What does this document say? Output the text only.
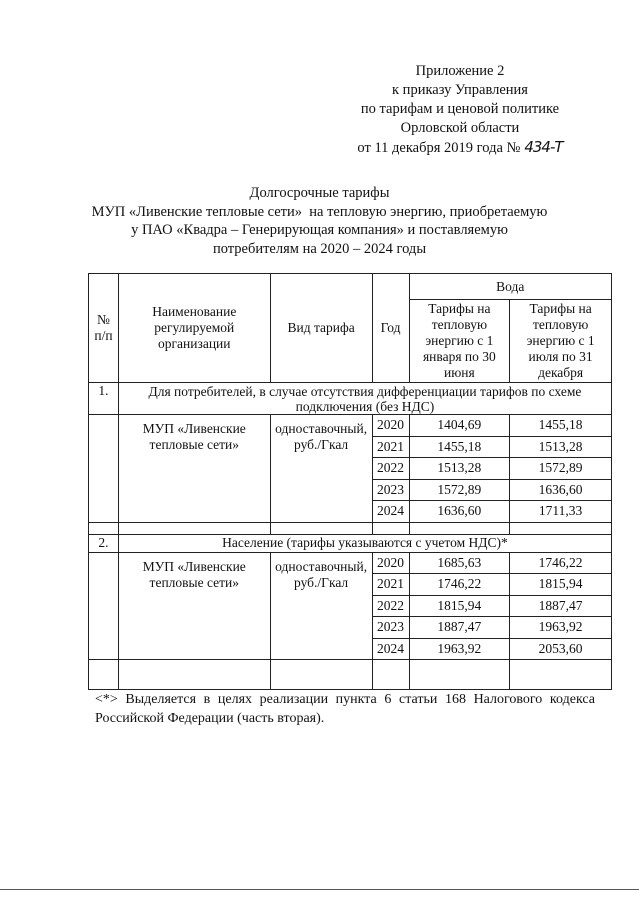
Приложение 2
к приказу Управления
по тарифам и ценовой политике
Орловской области
от 11 декабря 2019 года № 434-Т
Долгосрочные тарифы
МУП «Ливенские тепловые сети»  на тепловую энергию, приобретаемую
у ПАО «Квадра – Генерирующая компания» и поставляемую
потребителям на 2020 – 2024 годы
№ п/п	Наименование регулируемой организации	Вид тарифа	Год	Вода	
				Тарифы на тепловую энергию с 1 января по 30 июня	Тарифы на тепловую энергию с 1 июля по 31 декабря
1.	Для потребителей, в случае отсутствия дифференциации тарифов по схеме подключения (без НДС)				
	МУП «Ливенские тепловые сети»	одноставочный, руб./Гкал	2020	1404,69	1455,18
			2021	1455,18	1513,28
			2022	1513,28	1572,89
			2023	1572,89	1636,60
			2024	1636,60	1711,33

2.	Население (тарифы указываются с учетом НДС)*				
	МУП «Ливенские тепловые сети»	одноставочный, руб./Гкал	2020	1685,63	1746,22
			2021	1746,22	1815,94
			2022	1815,94	1887,47
			2023	1887,47	1963,92
			2024	1963,92	2053,60

<*> Выделяется в целях реализации пункта 6 статьи 168 Налогового кодекса Российской Федерации (часть вторая).
